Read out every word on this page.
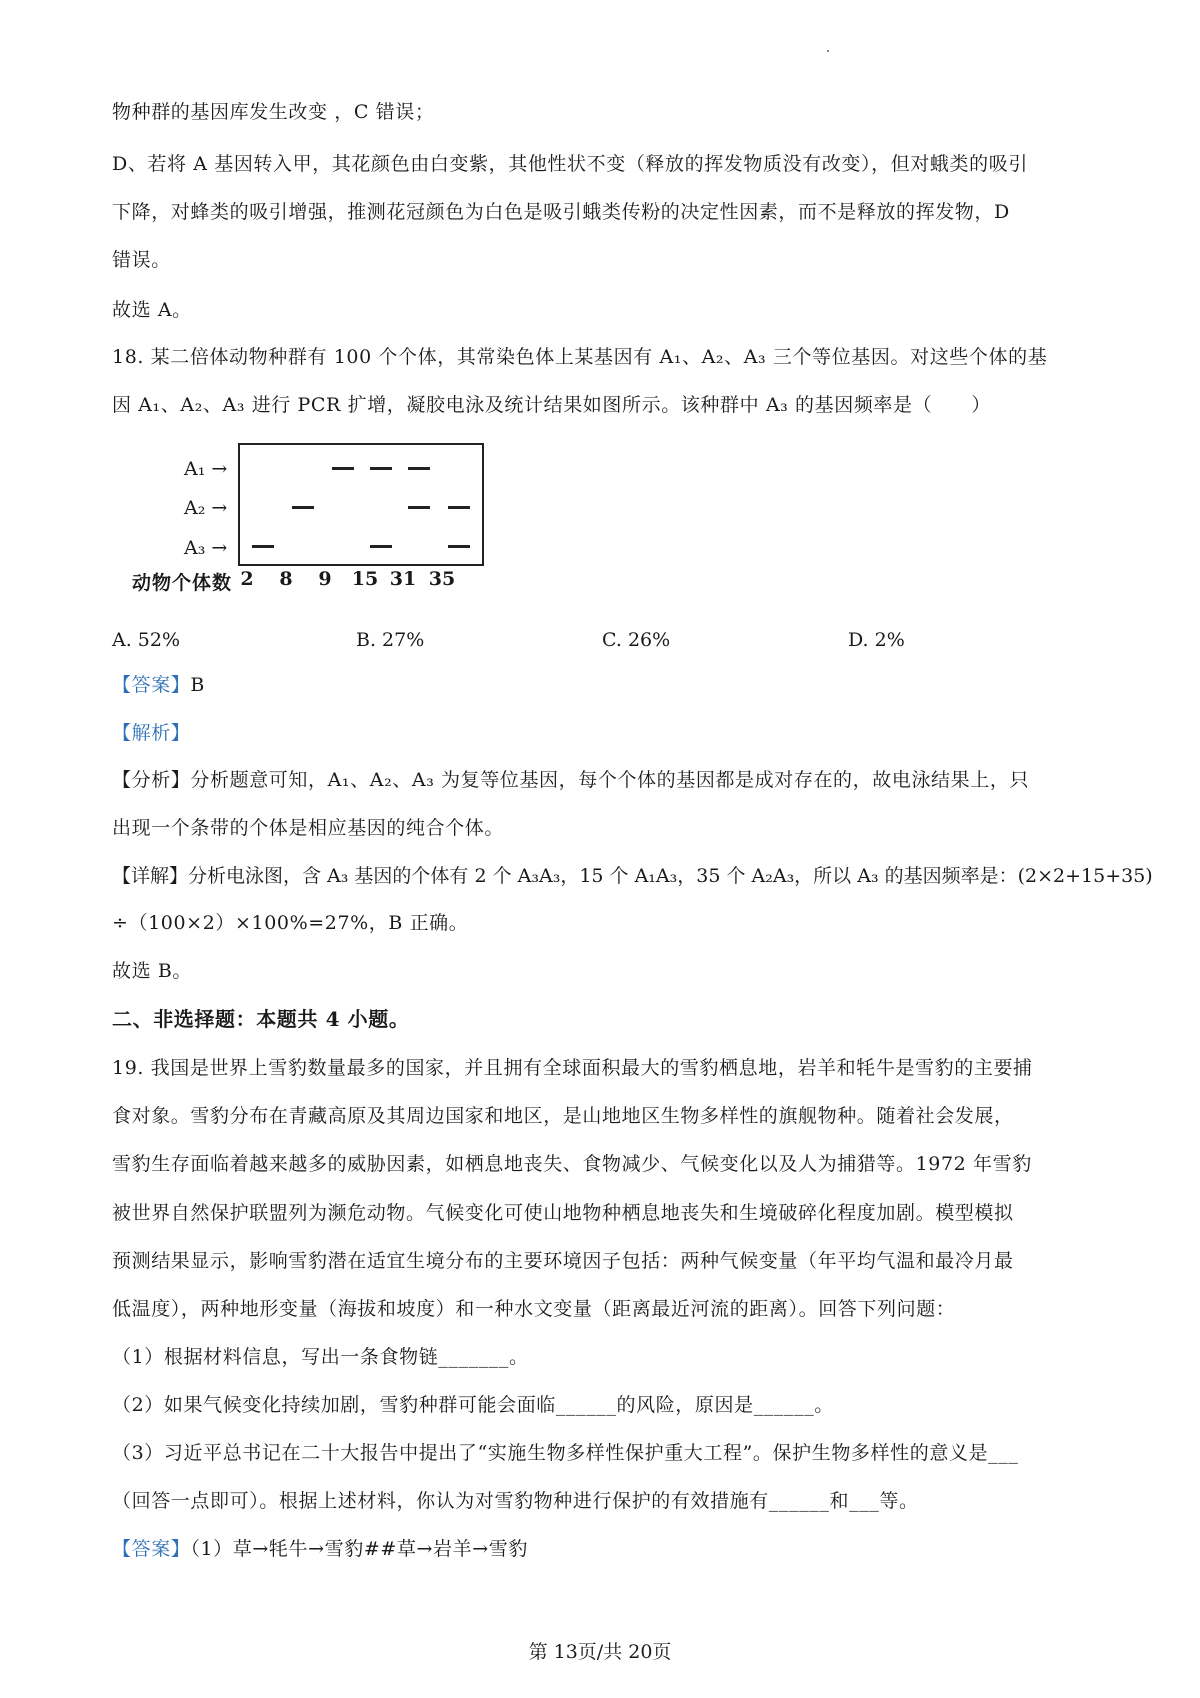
物种群的基因库发生改变 ，C 错误；
D、若将 A 基因转入甲，其花颜色由白变紫，其他性状不变（释放的挥发物质没有改变），但对蛾类的吸引
下降，对蜂类的吸引增强，推测花冠颜色为白色是吸引蛾类传粉的决定性因素，而不是释放的挥发物，D
错误。
故选 A。
18. 某二倍体动物种群有 100 个个体，其常染色体上某基因有 A₁、A₂、A₃ 三个等位基因。对这些个体的基
因 A₁、A₂、A₃ 进行 PCR 扩增，凝胶电泳及统计结果如图所示。该种群中 A₃ 的基因频率是（　　）
A₁ →
A₂ →
A₃ →
动物个体数 2	8	9	15 31 35
A. 52%	B. 27%	C. 26%	D. 2%
【答案】B
【解析】
【分析】分析题意可知，A₁、A₂、A₃ 为复等位基因，每个个体的基因都是成对存在的，故电泳结果上，只
出现一个条带的个体是相应基因的纯合个体。
【详解】分析电泳图，含 A₃ 基因的个体有 2 个 A₃A₃，15 个 A₁A₃，35 个 A₂A₃，所以 A₃ 的基因频率是：(2×2+15+35)
÷（100×2）×100%=27%，B 正确。
故选 B。
二、非选择题：本题共 4 小题。
19. 我国是世界上雪豹数量最多的国家，并且拥有全球面积最大的雪豹栖息地，岩羊和牦牛是雪豹的主要捕
食对象。雪豹分布在青藏高原及其周边国家和地区，是山地地区生物多样性的旗舰物种。随着社会发展，
雪豹生存面临着越来越多的威胁因素，如栖息地丧失、食物减少、气候变化以及人为捕猎等。1972 年雪豹
被世界自然保护联盟列为濒危动物。气候变化可使山地物种栖息地丧失和生境破碎化程度加剧。模型模拟
预测结果显示，影响雪豹潜在适宜生境分布的主要环境因子包括：两种气候变量（年平均气温和最冷月最
低温度），两种地形变量（海拔和坡度）和一种水文变量（距离最近河流的距离）。回答下列问题：
（1）根据材料信息，写出一条食物链_______。
（2）如果气候变化持续加剧，雪豹种群可能会面临______的风险，原因是______。
（3）习近平总书记在二十大报告中提出了“实施生物多样性保护重大工程”。保护生物多样性的意义是___
（回答一点即可）。根据上述材料，你认为对雪豹物种进行保护的有效措施有______和___等。
【答案】（1）草→牦牛→雪豹##草→岩羊→雪豹
第 13页/共 20页
